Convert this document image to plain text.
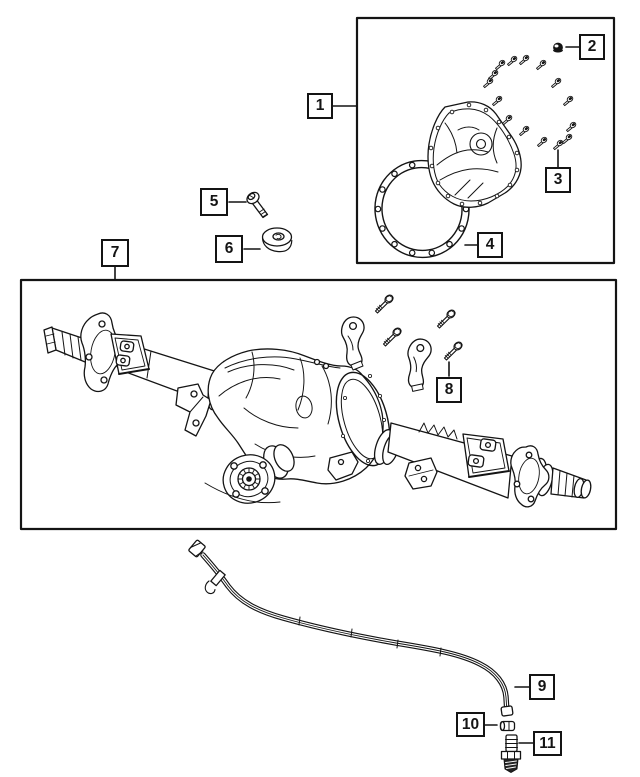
1
2
3
4
5
6
7
8
9
10
11
